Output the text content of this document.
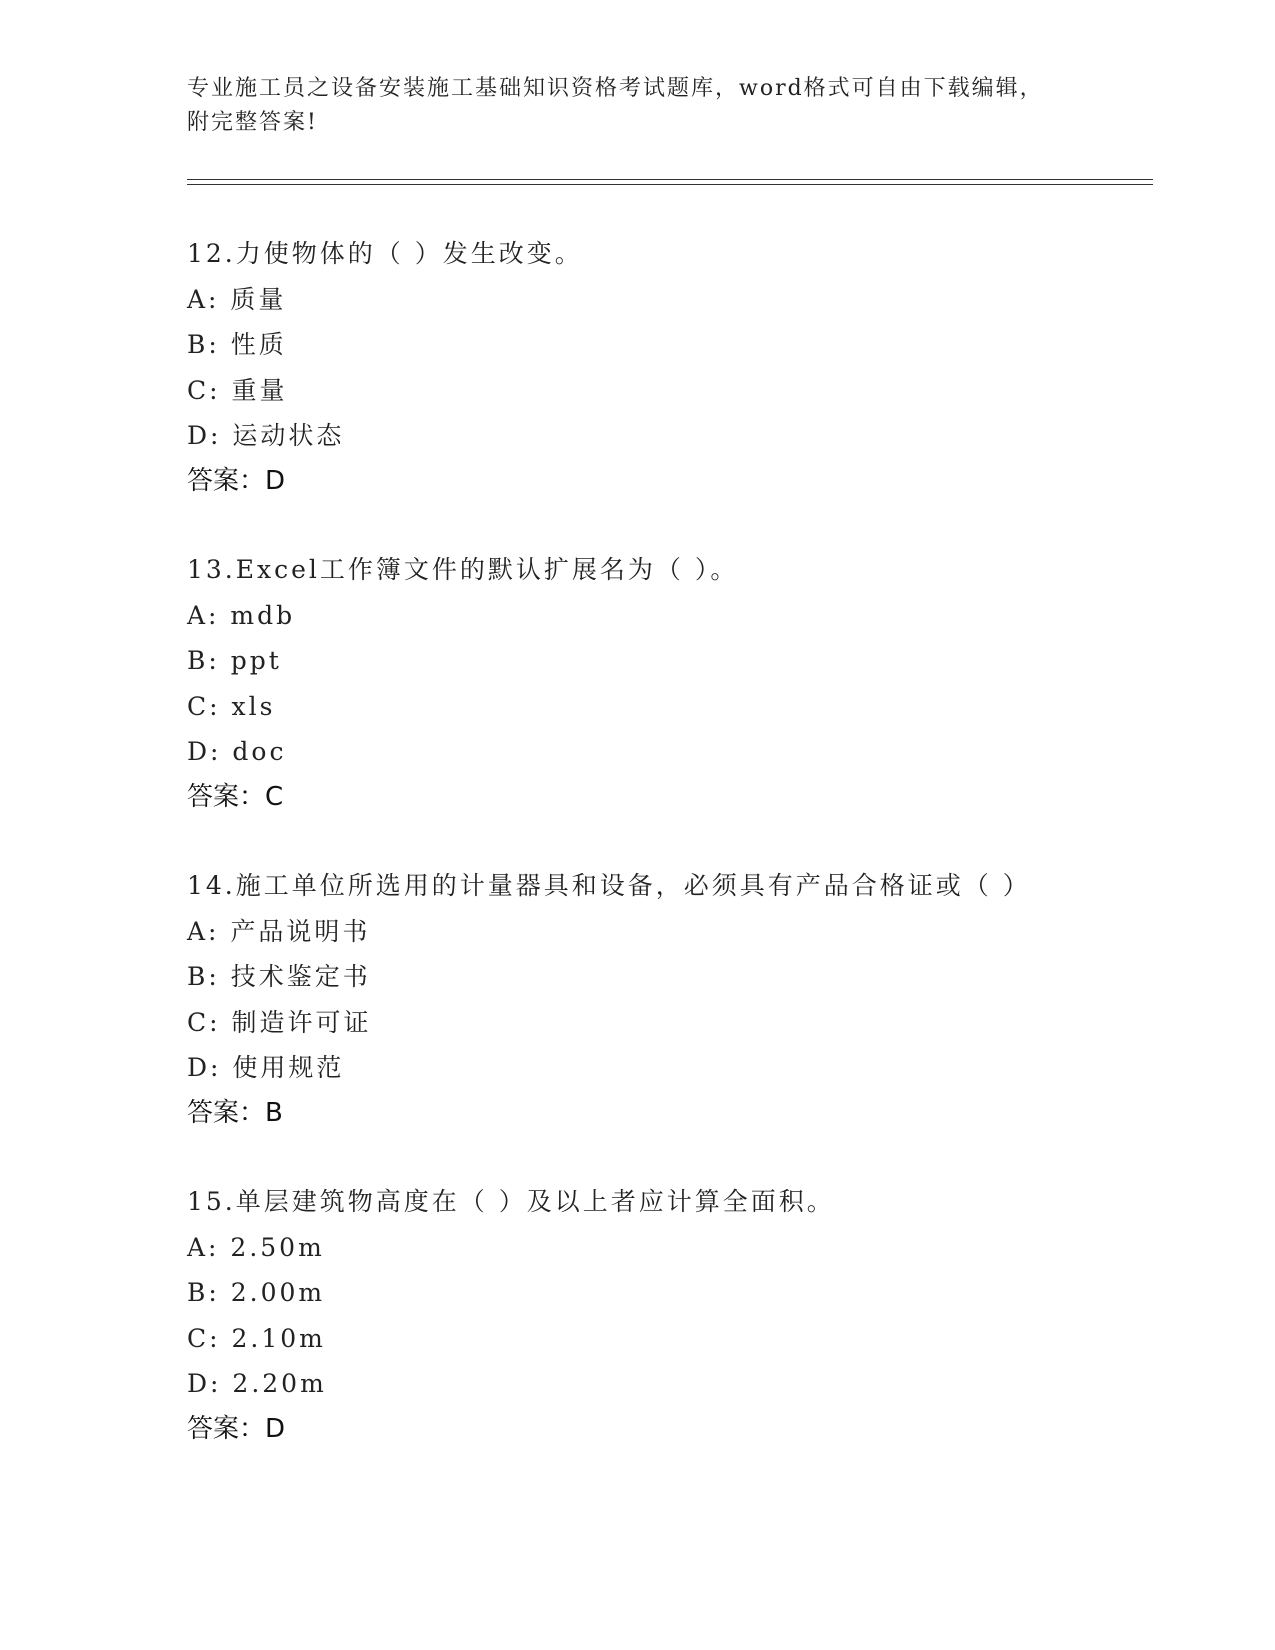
专业施工员之设备安装施工基础知识资格考试题库，word格式可自由下载编辑，
附完整答案!
12.力使物体的（ ）发生改变。
A: 质量
B: 性质
C: 重量
D: 运动状态
答案：D
13.Excel工作簿文件的默认扩展名为（ ）。
A: mdb
B: ppt
C: xls
D: doc
答案：C
14.施工单位所选用的计量器具和设备，必须具有产品合格证或（ ）
A: 产品说明书
B: 技术鉴定书
C: 制造许可证
D: 使用规范
答案：B
15.单层建筑物高度在（ ）及以上者应计算全面积。
A: 2.50m
B: 2.00m
C: 2.10m
D: 2.20m
答案：D
